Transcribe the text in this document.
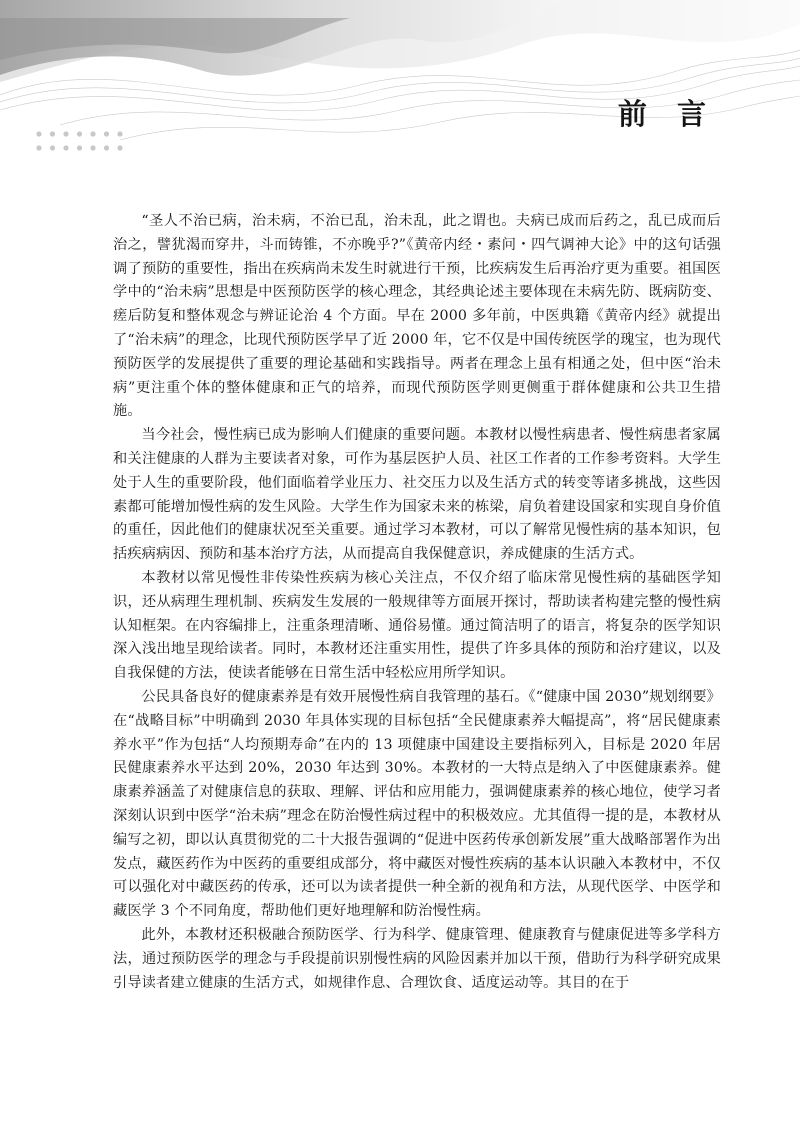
前 言

“圣人不治已病，治未病，不治已乱，治未乱，此之谓也。夫病已成而后药之，乱已成而后治之，譬犹渴而穿井，斗而铸锥，不亦晚乎?”《黄帝内经・素问・四气调神大论》中的这句话强调了预防的重要性，指出在疾病尚未发生时就进行干预，比疾病发生后再治疗更为重要。祖国医学中的“治未病”思想是中医预防医学的核心理念，其经典论述主要体现在未病先防、既病防变、瘥后防复和整体观念与辨证论治 4 个方面。早在 2000 多年前，中医典籍《黄帝内经》就提出了“治未病”的理念，比现代预防医学早了近 2000 年，它不仅是中国传统医学的瑰宝，也为现代预防医学的发展提供了重要的理论基础和实践指导。两者在理念上虽有相通之处，但中医“治未病”更注重个体的整体健康和正气的培养，而现代预防医学则更侧重于群体健康和公共卫生措施。

当今社会，慢性病已成为影响人们健康的重要问题。本教材以慢性病患者、慢性病患者家属和关注健康的人群为主要读者对象，可作为基层医护人员、社区工作者的工作参考资料。大学生处于人生的重要阶段，他们面临着学业压力、社交压力以及生活方式的转变等诸多挑战，这些因素都可能增加慢性病的发生风险。大学生作为国家未来的栋梁，肩负着建设国家和实现自身价值的重任，因此他们的健康状况至关重要。通过学习本教材，可以了解常见慢性病的基本知识，包括疾病病因、预防和基本治疗方法，从而提高自我保健意识，养成健康的生活方式。

本教材以常见慢性非传染性疾病为核心关注点，不仅介绍了临床常见慢性病的基础医学知识，还从病理生理机制、疾病发生发展的一般规律等方面展开探讨，帮助读者构建完整的慢性病认知框架。在内容编排上，注重条理清晰、通俗易懂。通过简洁明了的语言，将复杂的医学知识深入浅出地呈现给读者。同时，本教材还注重实用性，提供了许多具体的预防和治疗建议，以及自我保健的方法，使读者能够在日常生活中轻松应用所学知识。

公民具备良好的健康素养是有效开展慢性病自我管理的基石。《“健康中国 2030”规划纲要》在“战略目标”中明确到 2030 年具体实现的目标包括“全民健康素养大幅提高”，将“居民健康素养水平”作为包括“人均预期寿命”在内的 13 项健康中国建设主要指标列入，目标是 2020 年居民健康素养水平达到 20%，2030 年达到 30%。本教材的一大特点是纳入了中医健康素养。健康素养涵盖了对健康信息的获取、理解、评估和应用能力，强调健康素养的核心地位，使学习者深刻认识到中医学“治未病”理念在防治慢性病过程中的积极效应。尤其值得一提的是，本教材从编写之初，即以认真贯彻党的二十大报告强调的“促进中医药传承创新发展”重大战略部署作为出发点，藏医药作为中医药的重要组成部分，将中藏医对慢性疾病的基本认识融入本教材中，不仅可以强化对中藏医药的传承，还可以为读者提供一种全新的视角和方法，从现代医学、中医学和藏医学 3 个不同角度，帮助他们更好地理解和防治慢性病。

此外，本教材还积极融合预防医学、行为科学、健康管理、健康教育与健康促进等多学科方法，通过预防医学的理念与手段提前识别慢性病的风险因素并加以干预，借助行为科学研究成果引导读者建立健康的生活方式，如规律作息、合理饮食、适度运动等。其目的在于
